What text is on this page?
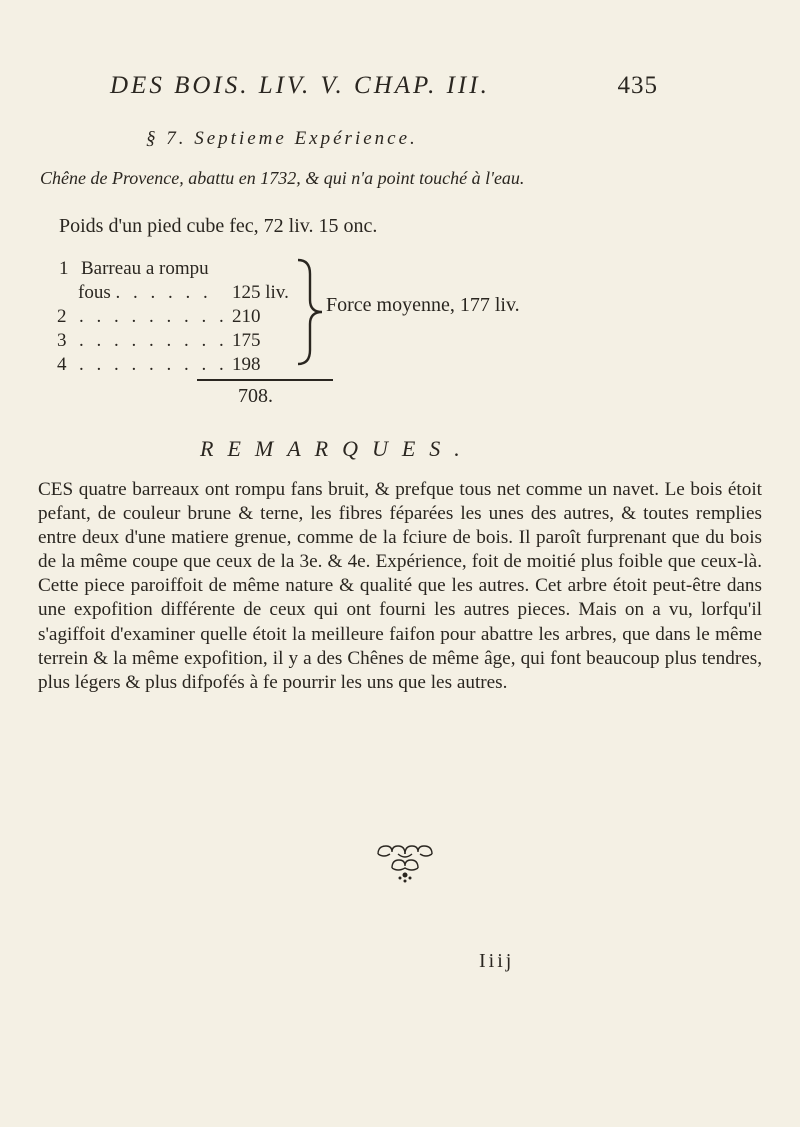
DES BOIS. LIV. V. CHAP. III.	435
§ 7. Septieme Expérience.
Chêne de Provence, abattu en 1732, & qui n'a point touché à l'eau.
Poids d'un pied cube fec, 72 liv. 15 onc.
1 Barreau a rompu
fous . . . . . . 125 liv.
2 . . . . . . . . . 210
3 . . . . . . . . . 175
4 . . . . . . . . . 198
Force moyenne, 177 liv.
708.
REMARQUES.

CES quatre barreaux ont rompu fans bruit, & prefque tous net comme un navet. Le bois étoit pefant, de couleur brune & terne, les fibres féparées les unes des autres, & toutes remplies entre deux d'une matiere grenue, comme de la fciure de bois. Il paroît furprenant que du bois de la même coupe que ceux de la 3e. & 4e. Expérience, foit de moitié plus foible que ceux-là. Cette piece paroiffoit de même nature & qualité que les autres. Cet arbre étoit peut-être dans une expofition différente de ceux qui ont fourni les autres pieces. Mais on a vu, lorfqu'il s'agiffoit d'examiner quelle étoit la meilleure faifon pour abattre les arbres, que dans le même terrein & la même expofition, il y a des Chênes de même âge, qui font beaucoup plus tendres, plus légers & plus difpofés à fe pourrir les uns que les autres.

Iiij
